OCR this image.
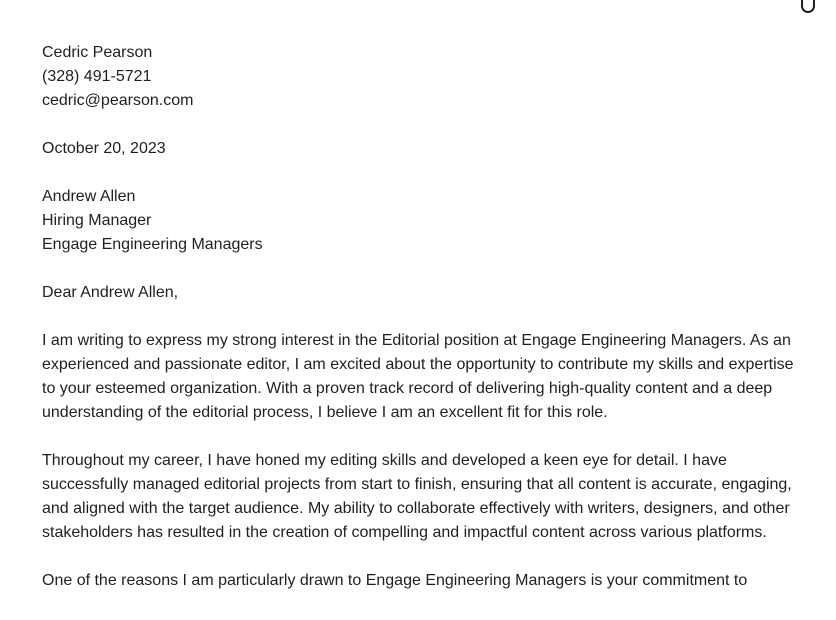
Cedric Pearson
(328) 491-5721
cedric@pearson.com
October 20, 2023
Andrew Allen
Hiring Manager
Engage Engineering Managers
Dear Andrew Allen,

I am writing to express my strong interest in the Editorial position at Engage Engineering Managers. As an experienced and passionate editor, I am excited about the opportunity to contribute my skills and expertise to your esteemed organization. With a proven track record of delivering high-quality content and a deep understanding of the editorial process, I believe I am an excellent fit for this role.

Throughout my career, I have honed my editing skills and developed a keen eye for detail. I have successfully managed editorial projects from start to finish, ensuring that all content is accurate, engaging, and aligned with the target audience. My ability to collaborate effectively with writers, designers, and other stakeholders has resulted in the creation of compelling and impactful content across various platforms.

One of the reasons I am particularly drawn to Engage Engineering Managers is your commitment to
